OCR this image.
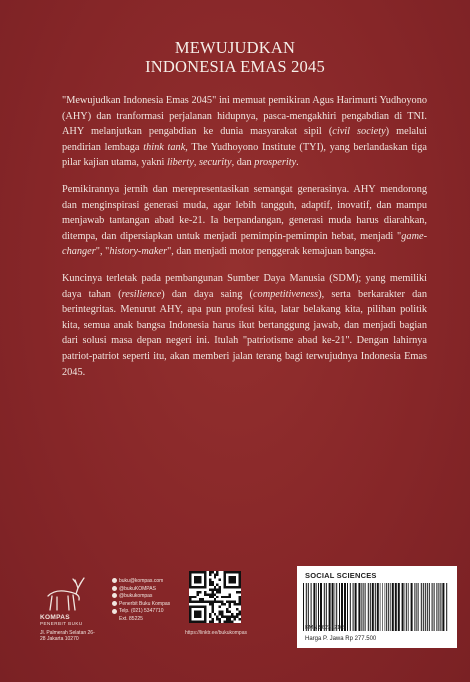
MEWUJUDKAN
INDONESIA EMAS 2045

"Mewujudkan Indonesia Emas 2045" ini memuat pemikiran Agus Harimurti Yudhoyono (AHY) dan tranformasi perjalanan hidupnya, pasca-mengakhiri pengabdian di TNI. AHY melanjutkan pengabdian ke dunia masyarakat sipil (civil society) melalui pendirian lembaga think tank, The Yudhoyono Institute (TYI), yang berlandaskan tiga pilar kajian utama, yakni liberty, security, dan prosperity.

Pemikirannya jernih dan merepresentasikan semangat generasinya. AHY mendorong dan menginspirasi generasi muda, agar lebih tangguh, adaptif, inovatif, dan mampu menjawab tantangan abad ke-21. Ia berpandangan, generasi muda harus diarahkan, ditempa, dan dipersiapkan untuk menjadi pemimpin-pemimpin hebat, menjadi "game-changer", "history-maker", dan menjadi motor penggerak kemajuan bangsa.

Kuncinya terletak pada pembangunan Sumber Daya Manusia (SDM); yang memiliki daya tahan (resilience) dan daya saing (competitiveness), serta berkarakter dan berintegritas. Menurut AHY, apa pun profesi kita, latar belakang kita, pilihan politik kita, semua anak bangsa Indonesia harus ikut bertanggung jawab, dan menjadi bagian dari solusi masa depan negeri ini. Itulah "patriotisme abad ke-21". Dengan lahirnya patriot-patriot seperti itu, akan memberi jalan terang bagi terwujudnya Indonesia Emas 2045.

KOMPAS
PENERBIT BUKU
Jl. Palmerah Selatan 26-28 Jakarta 10270
buku@kompas.com
@bukuKOMPAS
@bukukompas
Penerbit Buku Kompas
Telp. (021) 5347710
Ext. 85225
https://linktr.ee/bukukompas
SOCIAL SCIENCES
KMN 562312105
Harga P. Jawa Rp 277.500
